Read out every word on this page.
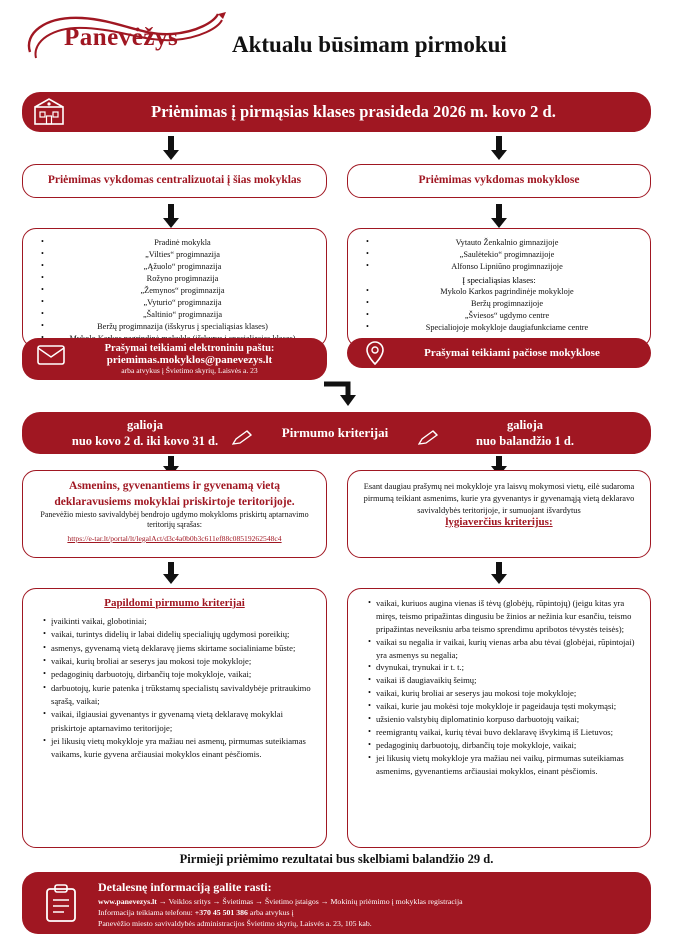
Panevėžys Aktualu būsimam pirmokui
Priėmimas į pirmąsias klases prasideda 2026 m. kovo 2 d.
Priėmimas vykdomas centralizuotai į šias mokyklas	Priėmimas vykdomas mokyklose
• Pradinė mokykla
• „Vilties“ progimnazija
• „Ąžuolo“ progimnazija
• Rožyno progimnazija
• „Žemynos“ progimnazija
• „Vyturio“ progimnazija
• „Šaltinio“ progimnazija
• Beržų progimnazija (išskyrus į specialiąsias klases)
•
• Vytauto Ženkalnio gimnazijoje
• „Saulėtekio“ progimnazijoje
• Alfonso Lipniūno progimnazijoje
Į specialiąsias klases:
• Mykolo Karkos pagrindinėje mokykloje
• Beržų progimnazijoje
• „Šviesos“ ugdymo centre
• Specialiojoje mokykloje daugiafunkciame centre
Prašymai teikiami elektroniniu paštu:
priemimas.mokyklos@panevezys.lt
arba atvykus į Švietimo skyrių, Laisvės a. 23
Prašymai teikiami pačiose mokyklose
galioja
nuo kovo 2 d. iki kovo 31 d.
galioja
nuo balandžio 1 d.
Pirmumo kriterijai
Asmenins, gyvenantiems ir gyvenamą vietą deklaravusiems mokyklai priskirtoje teritorijoje.
Panevėžio miesto savivaldybėj bendrojo ugdymo mokykloms priskirtų aptarnavimo teritorijų sąrašas:
https://e-tar.lt/portal/lt/legalAct/d3c4a0b0b3c611ef88c08519262548c4

Esant daugiau prašymų nei mokykloje yra laisvų mokymosi vietų, eilė sudaroma pirmumą teikiant asmenims, kurie yra gyvenantys ir gyvenamąją vietą deklaravo savivaldybės teritorijoje, ir sumuojant išvardytus

lygiaverčius kriterijus:
Papildomi pirmumo kriterijai
• įvaikinti vaikai, globotiniai;
• vaikai, turintys didelių ir labai didelių specialiųjų ugdymosi poreikių;
• asmenys, gyvenamą vietą deklaravę jiems skirtame socialiniame būste;
• vaikai, kurių broliai ar seserys jau mokosi toje mokykloje;
• pedagoginių darbuotojų, dirbančių toje mokykloje, vaikai;
• darbuotojų, kurie patenka į trūkstamų specialistų savivaldybėje pritraukimo sąrašą, vaikai;
• vaikai, ilgiausiai gyvenantys ir gyvenamą vietą deklaravę mokyklai priskirtoje aptarnavimo teritorijoje;
• jei likusių vietų mokykloje yra mažiau nei asmenų, pirmumas suteikiamas vaikams, kurie gyvena arčiausiai mokyklos einant pėsčiomis.
• vaikai, kuriuos augina vienas iš tėvų (globėjų, rūpintojų) (jeigu kitas yra miręs, teismo pripažintas dingusiu be žinios ar nežinia kur esančiu, teismo pripažintas neveiksniu arba teismo sprendimu apribotos tėvystės teisės);
• vaikai su negalia ir vaikai, kurių vienas arba abu tėvai (globėjai, rūpintojai) yra asmenys su negalia;
• dvynukai, trynukai ir t. t.;
• vaikai iš daugiavaikių šeimų;
• vaikai, kurių broliai ar seserys jau mokosi toje mokykloje;
• vaikai, kurie jau mokėsi toje mokykloje ir pageidauja tęsti mokymąsi;
• užsienio valstybių diplomatinio korpuso darbuotojų vaikai;
• reemigrantų vaikai, kurių tėvai buvo deklaravę išvykimą iš Lietuvos;
• pedagoginių darbuotojų, dirbančių toje mokykloje, vaikai;
• jei likusių vietų mokykloje yra mažiau nei vaikų, pirmumas suteikiamas asmenims, gyvenantiems arčiausiai mokyklos, einant pėsčiomis.
Pirmieji priėmimo rezultatai bus skelbiami balandžio 29 d.
Detalesnę informaciją galite rasti:
www.panevezys.lt → Veiklos sritys → Švietimas → Švietimo įstaigos → Mokinių priėmimo į mokyklas registracija
Informacija teikiama telefonu: +370 45 501 386 arba atvykus į
Panevėžio miesto savivaldybės administracijos Švietimo skyrių, Laisvės a. 23, 105 kab.
